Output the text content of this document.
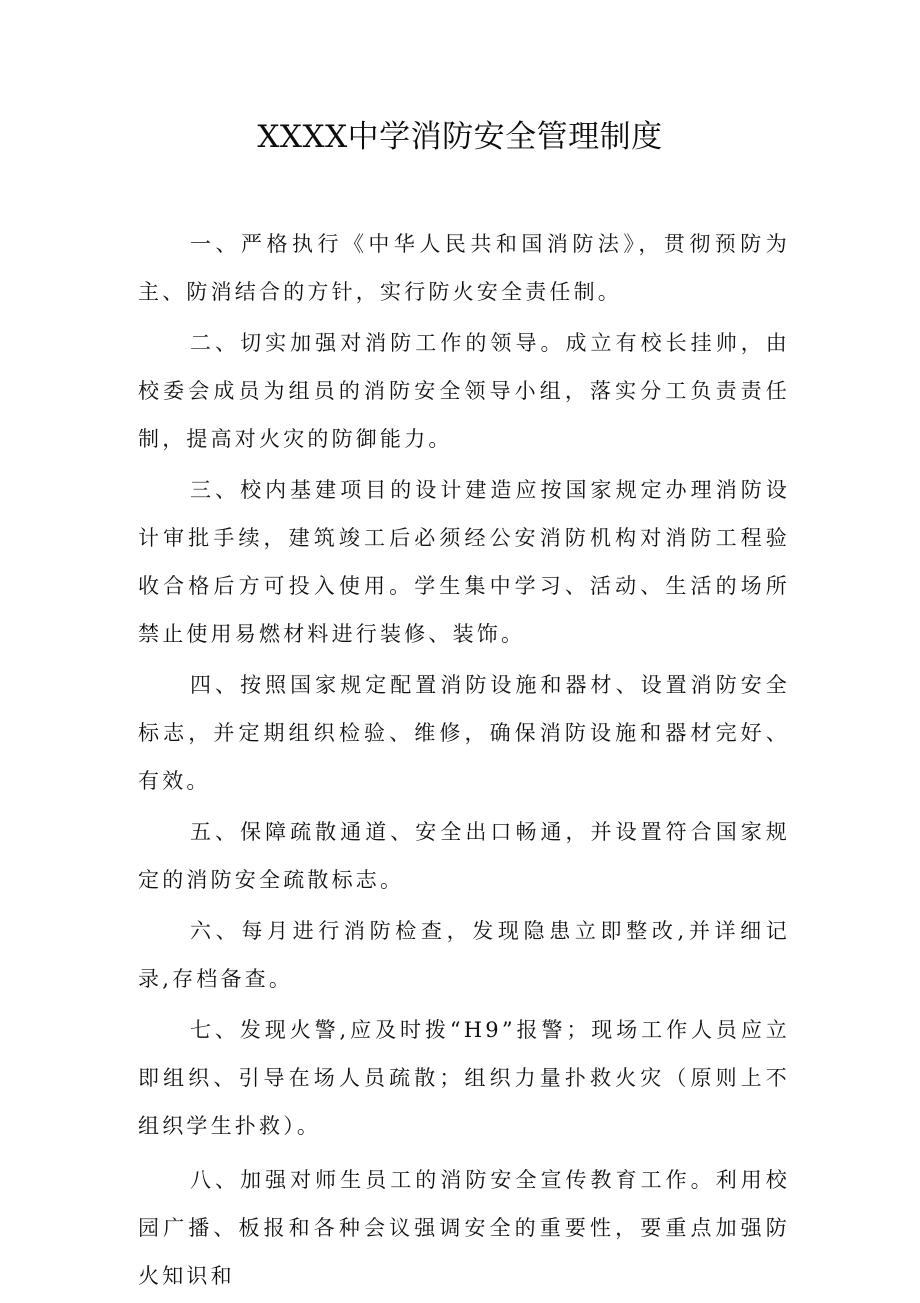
XXXX中学消防安全管理制度

一、严格执行《中华人民共和国消防法》，贯彻预防为主、防消结合的方针，实行防火安全责任制。

二、切实加强对消防工作的领导。成立有校长挂帅，由校委会成员为组员的消防安全领导小组，落实分工负责责任制，提高对火灾的防御能力。

三、校内基建项目的设计建造应按国家规定办理消防设计审批手续，建筑竣工后必须经公安消防机构对消防工程验收合格后方可投入使用。学生集中学习、活动、生活的场所禁止使用易燃材料进行装修、装饰。

四、按照国家规定配置消防设施和器材、设置消防安全标志，并定期组织检验、维修，确保消防设施和器材完好、有效。

五、保障疏散通道、安全出口畅通，并设置符合国家规定的消防安全疏散标志。

六、每月进行消防检查，发现隐患立即整改,并详细记录,存档备查。

七、发现火警,应及时拨“H9”报警；现场工作人员应立即组织、引导在场人员疏散；组织力量扑救火灾（原则上不组织学生扑救）。

八、加强对师生员工的消防安全宣传教育工作。利用校园广播、板报和各种会议强调安全的重要性，要重点加强防火知识和
